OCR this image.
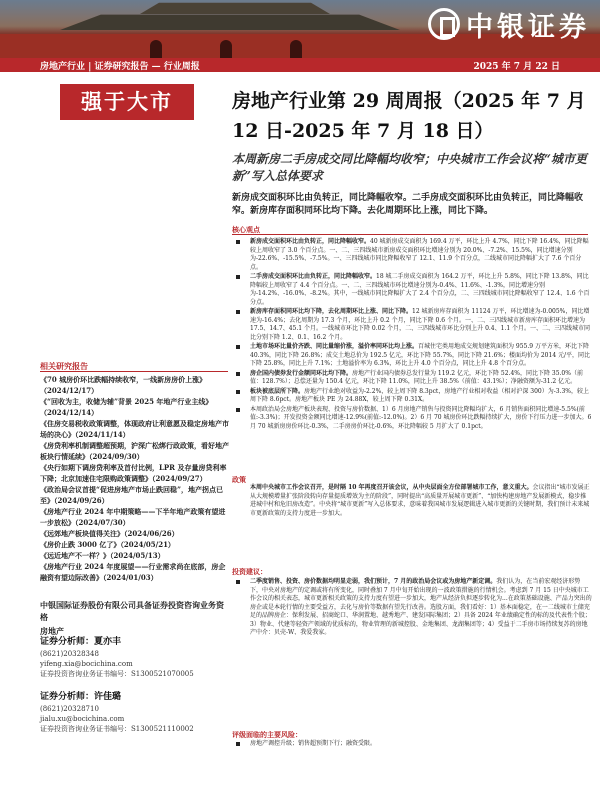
中银证券
房地产行业 | 证券研究报告 — 行业周报	2025 年 7 月 22 日
强于大市	房地产行业第 29 周周报（2025 年 7 月 12 日-2025 年 7 月 18 日）
本周新房二手房成交同比降幅均收窄；中央城市工作会议将“城市更新”写入总体要求
新房成交面积环比由负转正，同比降幅收窄。二手房成交面积环比由负转正，同比降幅收窄。新房库存面积同环比均下降。去化周期环比上涨，同比下降。
核心观点
新房成交面积环比由负转正，同比降幅收窄。40 城新房成交面积为 169.4 万平，环比上升 4.7%，同比下降 16.4%，同比降幅较上周收窄了 3.0 个百分点。一、二、三四线城市新房成交面积环比增速分别为 20.0%、-7.2%、15.5%，同比增速分别为-22.6%、-15.5%、-7.5%。一、三四线城市同比降幅收窄了 12.1、11.9 个百分点，二线城市同比降幅扩大了 7.6 个百分点。
二手房成交面积环比由负转正，同比降幅收窄。18 城二手房成交面积为 164.2 万平，环比上升 5.8%，同比下降 13.8%，同比降幅较上周收窄了 4.4 个百分点。一、二、三四线城市环比增速分别为-0.4%、11.6%、-1.3%，同比增速分别为-14.2%、-16.0%、-8.2%。其中，一线城市同比降幅扩大了 2.4 个百分点，二、三四线城市同比降幅收窄了 12.4、1.6 个百分点。
新房库存面积同环比均下降，去化周期环比上涨、同比下降。12 城新房库存面积为 11124 万平，环比增速为-0.005%，同比增速为-16.4%；去化周期为 17.3 个月，环比上升 0.2 个月，同比下降 0.6 个月。一、二、三四线城市新房库存面积环比增速为 17.5、14.7、45.1 个月。一线城市环比下降 0.02 个月，二、三四线城市环比分别上升 0.4、1.1 个月。一、二、三四线城市同比分别下降 1.2、0.1、16.2 个月。
土地市场环比量价齐跌、同比量缩价涨，溢价率同环比均上涨。百城住宅类用地成交规划建筑面积为 955.9 万平方米，环比下降 40.3%，同比下降 26.8%；成交土地总价为 192.5 亿元，环比下降 55.7%，同比下降 21.6%；楼面均价为 2014 元/平，同比下降 25.8%，同比上升 7.1%；土地溢价率为 6.3%，环比上升 4.0 个百分点，同比上升 4.8 个百分点。
房企国内债券发行金额同环比均下降。房地产行业国内债券总发行量为 119.2 亿元，环比下降 52.4%，同比下降 35.0%（前值：128.7%）；总偿还量为 150.4 亿元，环比下降 11.0%，同比上升 38.5%（前值：43.1%）；净融资额为-31.2 亿元。
板块被底层所下降。房地产行业绝对收益为-2.2%，较上周下降 8.3pct，房地产行业相对收益（相对沪深 300）为-3.3%，较上周下降 8.6pct。房地产板块 PE 为 24.88X，较上周下降 0.31X。
本周政治局会房地产板块表现、投资与房价数据、1）6 月房地产销售与投资同比降幅均扩大，6 月销售面积同比增速-5.5%(前值:-3.3%)；开发投资金额同比增速-12.9%(前值:-12.0%)。2）6 月 70 城房价环比跌幅持续扩大，房价下行压力进一步加大。6 月 70 城新房房价环比-0.3%，二手房房价环比-0.6%，环比降幅较 5 月扩大了 0.1pct。
政策
本周中央城市工作会议召开，是时隔 10 年再度召开该会议，从中央层面全方位部署城市工作，意义重大。会议指出“城市发展正从大规模增量扩张阶段转向存量提质增效为主的阶段”，同时提出“高质量开展城市更新”、“加快构建房地产发展新模式，稳步推进城中村和危旧房改造”。中央将“城市更新”写入总体要求，意味着我国城市发展逻辑进入城市更新的关键时期，我们预计未来城市更新政策的支持力度进一步加大。
投资建议：
二季度销售、投资、房价数据均明显走弱，我们预计，7 月的政治局会议或为房地产新定调。我们认为，在当前宏观经济形势下，中央对房地产的定调或将有所变化，同时叠加 7 月中旬开始出现的一波政策措施的行情机会。考虑到 7 月 15 日中央城市工作会议的相关表态，城市更新相关政策的支持力度有望进一步加大，地产从经济负担逐步转化为...在政策基础设施、产品力突出的房企或是本轮行情的主要受益方，去化与房价等数据有望先行改善。选股方面，我们看好：1）基本面稳定，在一二线城市土储充足的品牌房企：保利发展、招商蛇口、华润置地、越秀地产、建发国际集团；2）具备 2024 年业绩确定性的标的及代表性个股；3）物业、代建等轻资产领域的优质标的，物业管理的新城控股、金地集团、龙湖集团等；4）受益于二手房市场持续复苏的房地产中介：贝壳-W、我爱我家。
评级面临的主要风险：
房地产调控升级；销售超预期下行；融资受限。
相关研究报告
《70 城房价环比跌幅持续收窄，一线新房房价上涨》（2024/12/17）
《“回收为主，收储为辅”背景 2025 年地产行业主线》（2024/12/14）
《住房交易税收政策调整，体现政府让利意愿及稳定房地产市场的决心》（2024/11/14）
《房贷利率机制调整超预期，沪深广松绑行政政策，看好地产板块行情延续》（2024/09/30）
《央行如期下调房贷利率及首付比例，LPR 及存量房贷利率下降；北京加速住宅限购政策调整》（2024/09/27）
《政治局会议首提“促进房地产市场止跌回稳”，地产拐点已至》（2024/09/26）
《房地产行业 2024 年中期策略——下半年地产政策有望进一步放松》（2024/07/30）
《远郊地产板块值得关注》（2024/06/26）
《房价止跌 3000 亿了》（2024/05/21）
《远近地产不一样？》（2024/05/13）
《房地产行业 2024 年度展望——行业需求尚在底部，房企融资有望边际改善》（2024/01/03）
中银国际证券股份有限公司具备证券投资咨询业务资格
房地产
证券分析师：夏亦丰
(8621)20328348
yifeng.xia@bocichina.com
证券投资咨询业务证书编号：S1300521070005
证券分析师：许佳璐
(8621)20328710
jialu.xu@bocichina.com
证券投资咨询业务证书编号：S1300521110002
